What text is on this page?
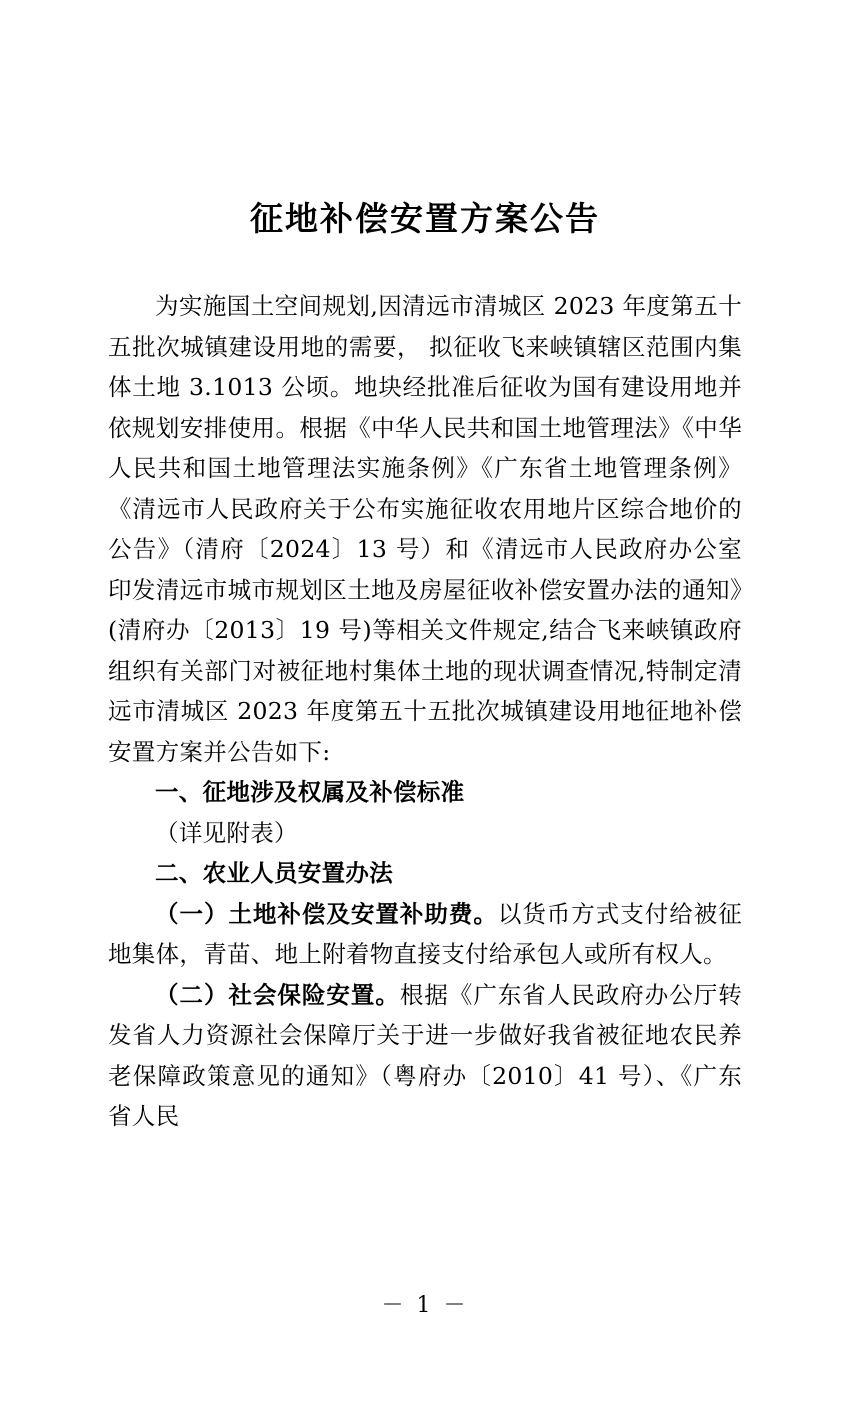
征地补偿安置方案公告

为实施国土空间规划,因清远市清城区 2023 年度第五十五批次城镇建设用地的需要， 拟征收飞来峡镇辖区范围内集体土地 3.1013 公顷。地块经批准后征收为国有建设用地并依规划安排使用。根据《中华人民共和国土地管理法》《中华人民共和国土地管理法实施条例》《广东省土地管理条例》《清远市人民政府关于公布实施征收农用地片区综合地价的公告》（清府〔2024〕13 号）和《清远市人民政府办公室印发清远市城市规划区土地及房屋征收补偿安置办法的通知》(清府办〔2013〕19 号)等相关文件规定,结合飞来峡镇政府组织有关部门对被征地村集体土地的现状调查情况,特制定清远市清城区 2023 年度第五十五批次城镇建设用地征地补偿安置方案并公告如下:

一、征地涉及权属及补偿标准

（详见附表）

二、农业人员安置办法

（一）土地补偿及安置补助费。以货币方式支付给被征地集体，青苗、地上附着物直接支付给承包人或所有权人。

（二）社会保险安置。根据《广东省人民政府办公厅转发省人力资源社会保障厅关于进一步做好我省被征地农民养老保障政策意见的通知》（粤府办〔2010〕41 号）、《广东省人民

－ 1 －
